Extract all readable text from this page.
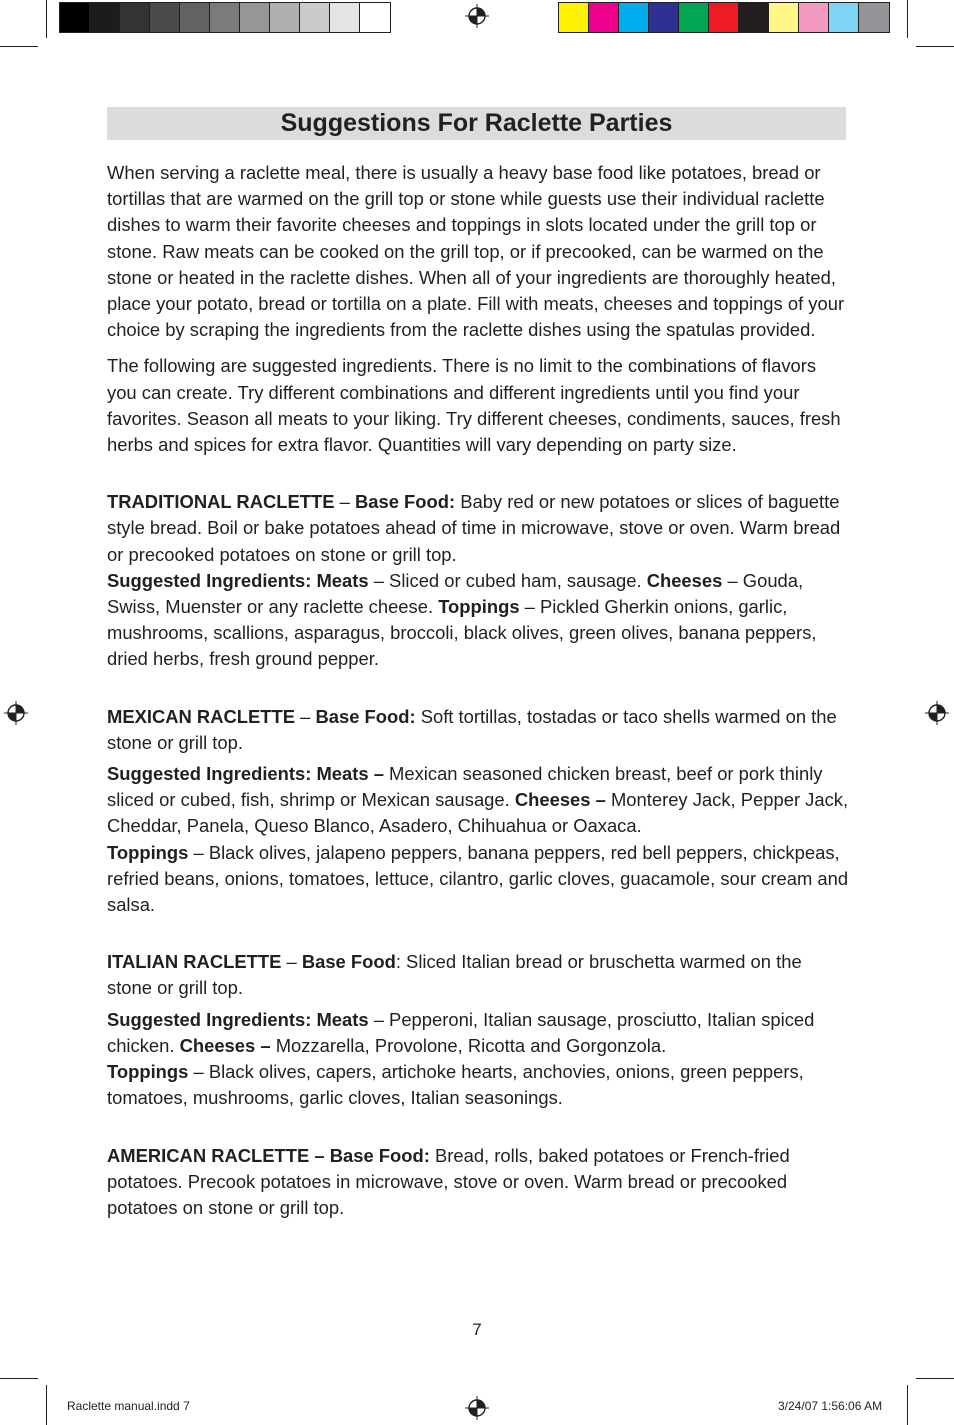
Suggestions For Raclette Parties

When serving a raclette meal, there is usually a heavy base food like potatoes, bread or tortillas that are warmed on the grill top or stone while guests use their individual raclette dishes to warm their favorite cheeses and toppings in slots located under the grill top or stone. Raw meats can be cooked on the grill top, or if precooked, can be warmed on the stone or heated in the raclette dishes. When all of your ingredients are thoroughly heated, place your potato, bread or tortilla on a plate. Fill with meats, cheeses and toppings of your choice by scraping the ingredients from the raclette dishes using the spatulas provided.

The following are suggested ingredients. There is no limit to the combinations of flavors you can create. Try different combinations and different ingredients until you find your favorites. Season all meats to your liking. Try different cheeses, condiments, sauces, fresh herbs and spices for extra flavor. Quantities will vary depending on party size.

TRADITIONAL RACLETTE – Base Food: Baby red or new potatoes or slices of baguette style bread. Boil or bake potatoes ahead of time in microwave, stove or oven. Warm bread or precooked potatoes on stone or grill top.

Suggested Ingredients: Meats – Sliced or cubed ham, sausage. Cheeses – Gouda, Swiss, Muenster or any raclette cheese. Toppings – Pickled Gherkin onions, garlic, mushrooms, scallions, asparagus, broccoli, black olives, green olives, banana peppers, dried herbs, fresh ground pepper.

MEXICAN RACLETTE – Base Food: Soft tortillas, tostadas or taco shells warmed on the stone or grill top.

Suggested Ingredients: Meats – Mexican seasoned chicken breast, beef or pork thinly sliced or cubed, fish, shrimp or Mexican sausage. Cheeses – Monterey Jack, Pepper Jack, Cheddar, Panela, Queso Blanco, Asadero, Chihuahua or Oaxaca.
Toppings – Black olives, jalapeno peppers, banana peppers, red bell peppers, chickpeas, refried beans, onions, tomatoes, lettuce, cilantro, garlic cloves, guacamole, sour cream and salsa.

ITALIAN RACLETTE – Base Food: Sliced Italian bread or bruschetta warmed on the stone or grill top.

Suggested Ingredients: Meats – Pepperoni, Italian sausage, prosciutto, Italian spiced chicken. Cheeses – Mozzarella, Provolone, Ricotta and Gorgonzola.
Toppings – Black olives, capers, artichoke hearts, anchovies, onions, green peppers, tomatoes, mushrooms, garlic cloves, Italian seasonings.

AMERICAN RACLETTE – Base Food: Bread, rolls, baked potatoes or French-fried potatoes. Precook potatoes in microwave, stove or oven. Warm bread or precooked potatoes on stone or grill top.

7
Raclette manual.indd 7	3/24/07 1:56:06 AM
